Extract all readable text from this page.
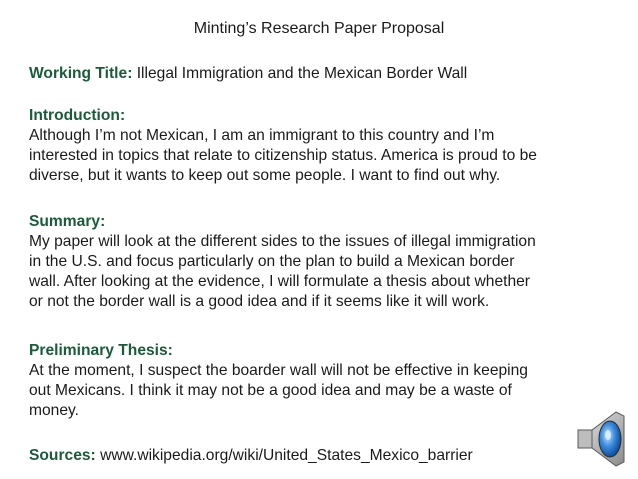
Minting’s Research Paper Proposal
Working Title: Illegal Immigration and the Mexican Border Wall
Introduction:
Although I’m not Mexican, I am an immigrant to this country and I’m
interested in topics that relate to citizenship status. America is proud to be
diverse, but it wants to keep out some people. I want to find out why.
Summary:
My paper will look at the different sides to the issues of illegal immigration
in the U.S. and focus particularly on the plan to build a Mexican border
wall. After looking at the evidence, I will formulate a thesis about whether
or not the border wall is a good idea and if it seems like it will work.
Preliminary Thesis:
At the moment, I suspect the boarder wall will not be effective in keeping
out Mexicans. I think it may not be a good idea and may be a waste of
money.
Sources: www.wikipedia.org/wiki/United_States_Mexico_barrier
